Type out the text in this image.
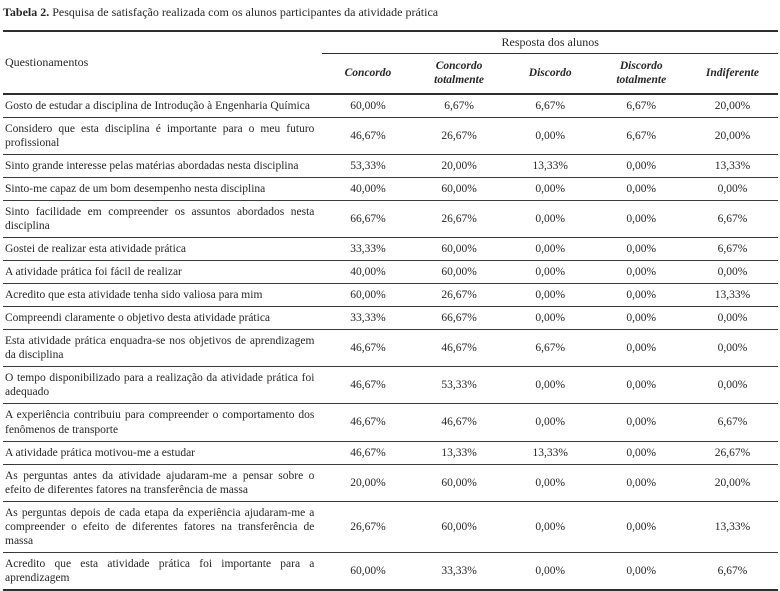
Tabela 2. Pesquisa de satisfação realizada com os alunos participantes da atividade prática
Questionamentos	Resposta dos alunos				
	Concordo	Concordo totalmente	Discordo	Discordo totalmente	Indiferente
Gosto de estudar a disciplina de Introdução à Engenharia Química	60,00%	6,67%	6,67%	6,67%	20,00%
Considero que esta disciplina é importante para o meu futuro profissional	46,67%	26,67%	0,00%	6,67%	20,00%
Sinto grande interesse pelas matérias abordadas nesta disciplina	53,33%	20,00%	13,33%	0,00%	13,33%
Sinto-me capaz de um bom desempenho nesta disciplina	40,00%	60,00%	0,00%	0,00%	0,00%
Sinto facilidade em compreender os assuntos abordados nesta disciplina	66,67%	26,67%	0,00%	0,00%	6,67%
Gostei de realizar esta atividade prática	33,33%	60,00%	0,00%	0,00%	6,67%
A atividade prática foi fácil de realizar	40,00%	60,00%	0,00%	0,00%	0,00%
Acredito que esta atividade tenha sido valiosa para mim	60,00%	26,67%	0,00%	0,00%	13,33%
Compreendi claramente o objetivo desta atividade prática	33,33%	66,67%	0,00%	0,00%	0,00%
Esta atividade prática enquadra-se nos objetivos de aprendizagem da disciplina	46,67%	46,67%	6,67%	0,00%	0,00%
O tempo disponibilizado para a realização da atividade prática foi adequado	46,67%	53,33%	0,00%	0,00%	0,00%
A experiência contribuiu para compreender o comportamento dos fenômenos de transporte	46,67%	46,67%	0,00%	0,00%	6,67%
A atividade prática motivou-me a estudar	46,67%	13,33%	13,33%	0,00%	26,67%
As perguntas antes da atividade ajudaram-me a pensar sobre o efeito de diferentes fatores na transferência de massa	20,00%	60,00%	0,00%	0,00%	20,00%
As perguntas depois de cada etapa da experiência ajudaram-me a compreender o efeito de diferentes fatores na transferência de massa	26,67%	60,00%	0,00%	0,00%	13,33%
Acredito que esta atividade prática foi importante para a aprendizagem	60,00%	33,33%	0,00%	0,00%	6,67%
